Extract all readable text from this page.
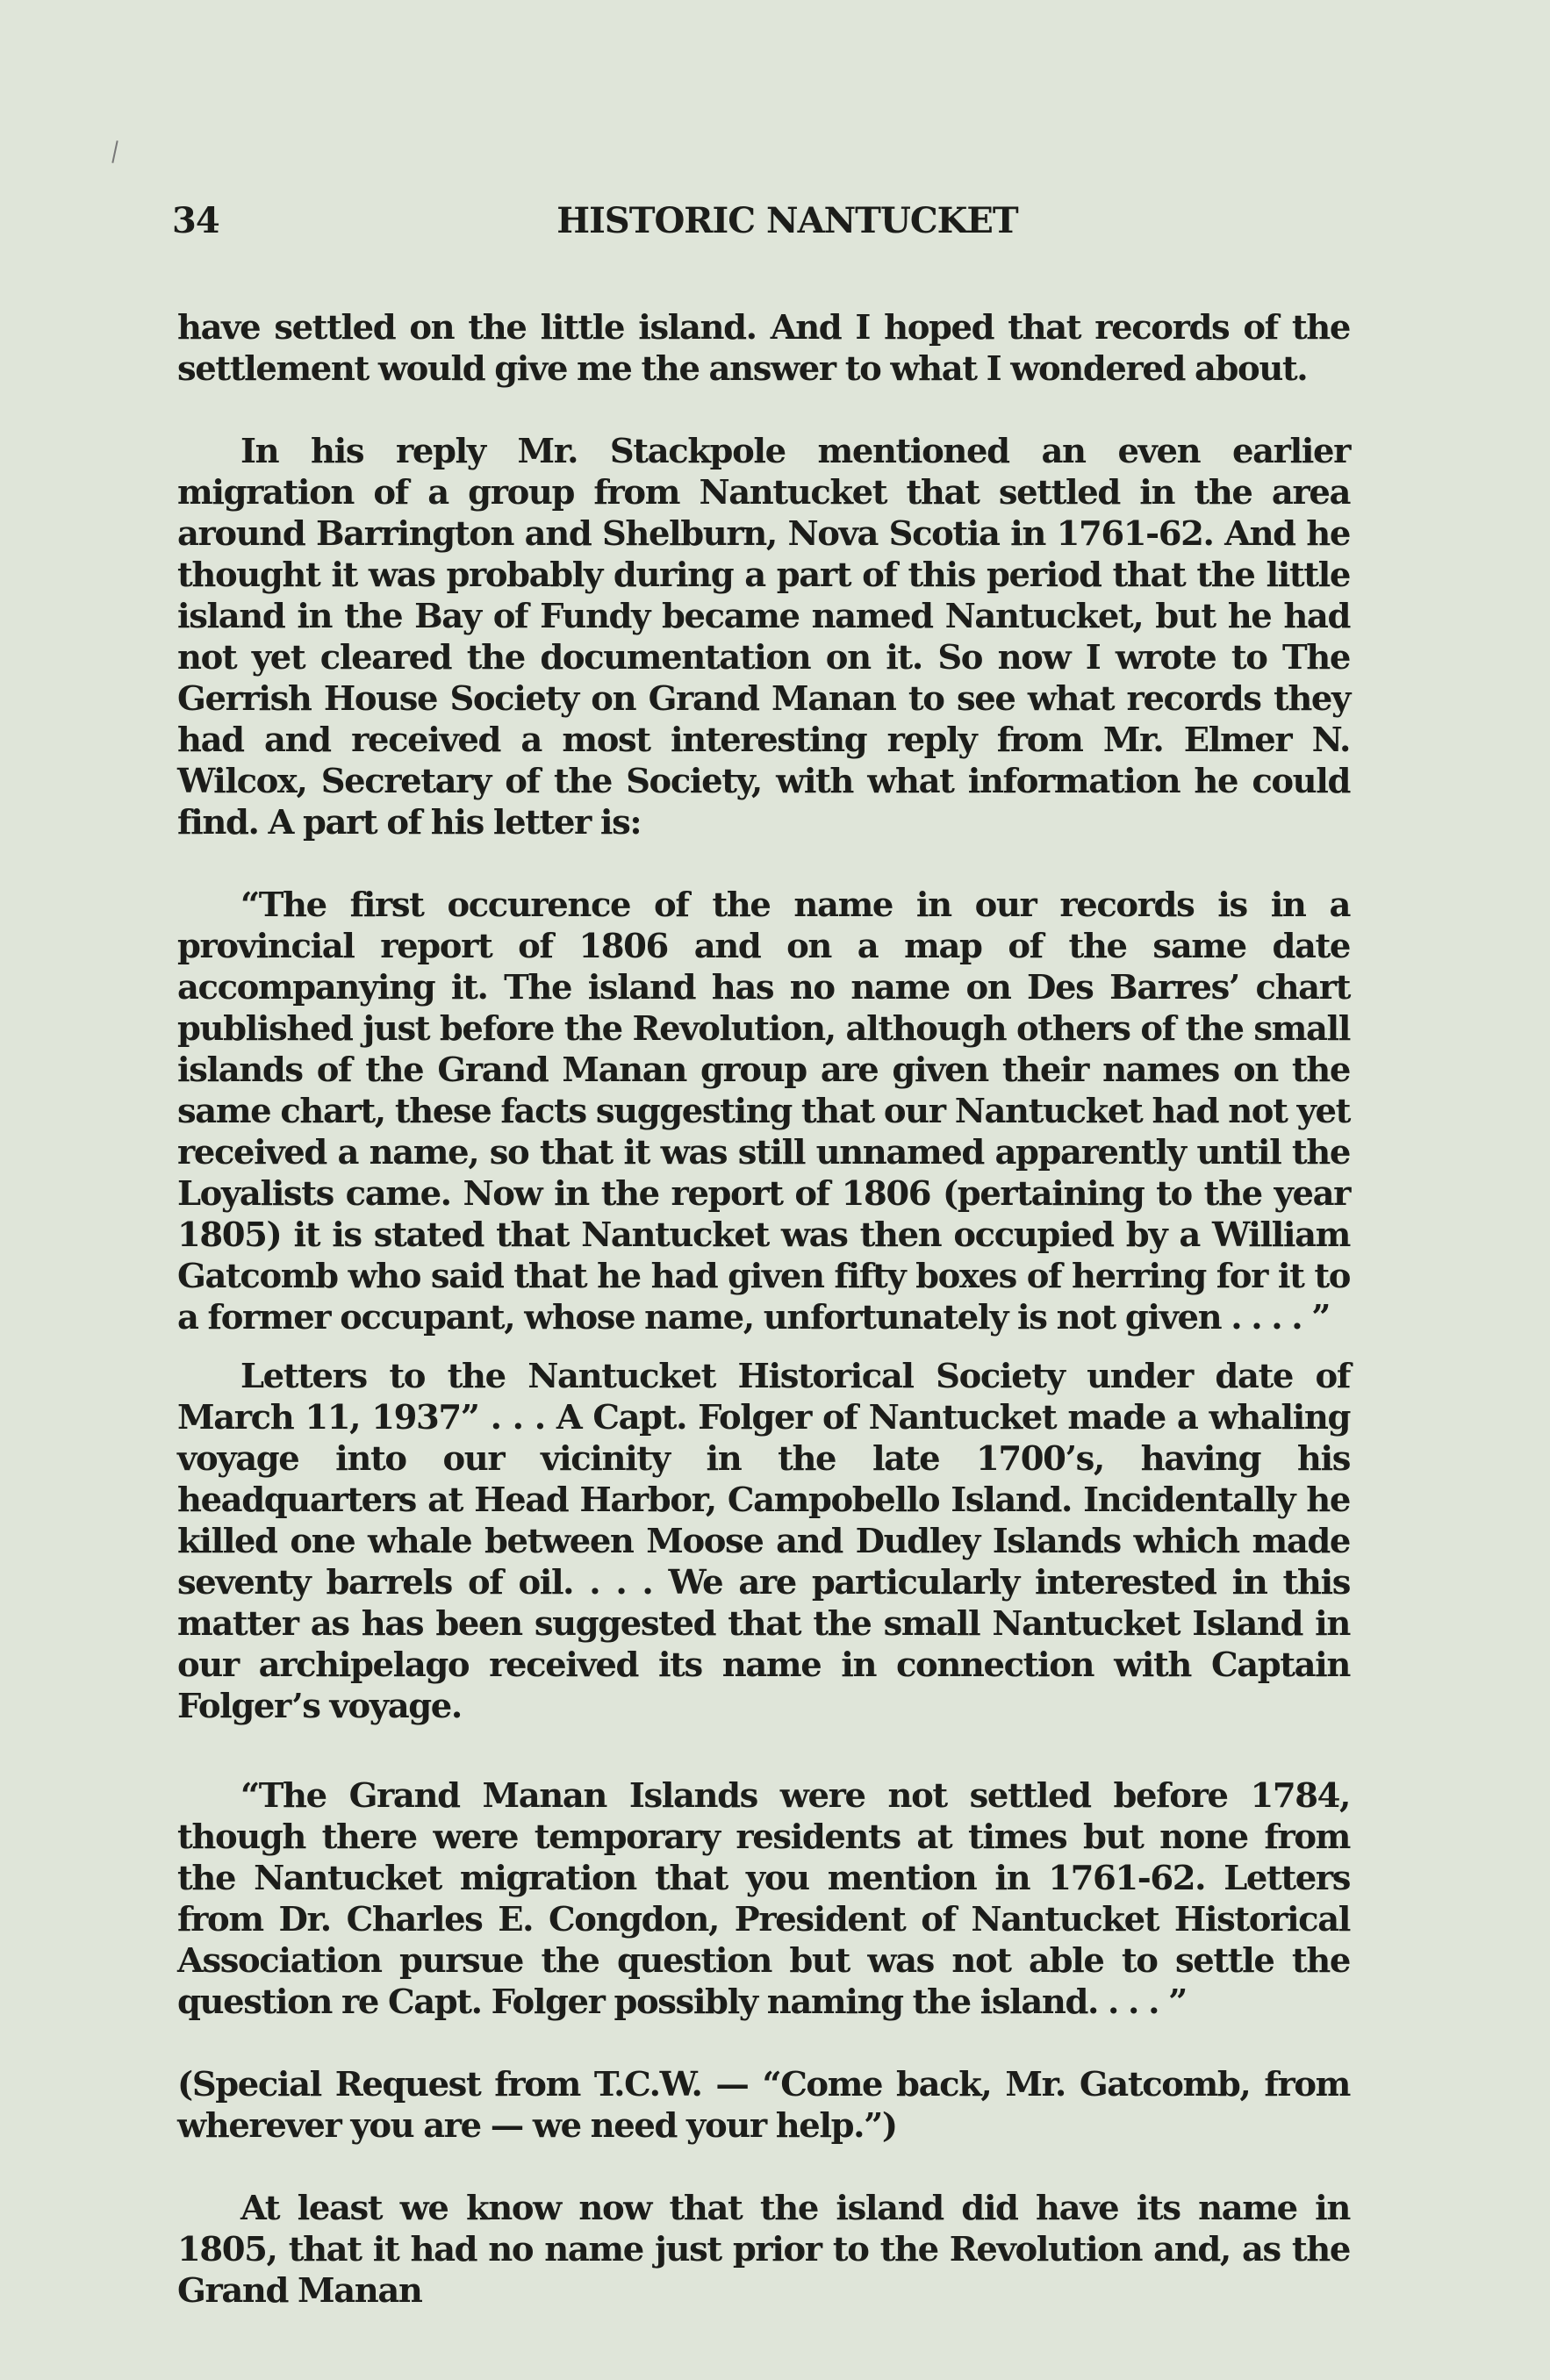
34	HISTORIC NANTUCKET

have settled on the little island. And I hoped that records of the settlement would give me the answer to what I wondered about.

In his reply Mr. Stackpole mentioned an even earlier migration of a group from Nantucket that settled in the area around Barrington and Shelburn, Nova Scotia in 1761-62. And he thought it was probably during a part of this period that the little island in the Bay of Fundy became named Nantucket, but he had not yet cleared the documentation on it. So now I wrote to The Gerrish House Society on Grand Manan to see what records they had and received a most interesting reply from Mr. Elmer N. Wilcox, Secretary of the Society, with what information he could find. A part of his letter is:

“The first occurence of the name in our records is in a provincial report of 1806 and on a map of the same date accompanying it. The island has no name on Des Barres’ chart published just before the Revolution, although others of the small islands of the Grand Manan group are given their names on the same chart, these facts suggesting that our Nantucket had not yet received a name, so that it was still unnamed apparently until the Loyalists came. Now in the report of 1806 (pertaining to the year 1805) it is stated that Nantucket was then occupied by a William Gatcomb who said that he had given fifty boxes of herring for it to a former occupant, whose name, unfortunately is not given . . . . ”

Letters to the Nantucket Historical Society under date of March 11, 1937” . . . A Capt. Folger of Nantucket made a whaling voyage into our vicinity in the late 1700’s, having his headquarters at Head Harbor, Campobello Island. Incidentally he killed one whale between Moose and Dudley Islands which made seventy barrels of oil. . . . We are particularly interested in this matter as has been suggested that the small Nantucket Island in our archipelago received its name in connection with Captain Folger’s voyage.

“The Grand Manan Islands were not settled before 1784, though there were temporary residents at times but none from the Nantucket migration that you mention in 1761-62. Letters from Dr. Charles E. Congdon, President of Nantucket Historical Association pursue the question but was not able to settle the question re Capt. Folger possibly naming the island. . . . ”

(Special Request from T.C.W. — “Come back, Mr. Gatcomb, from wherever you are — we need your help.”)

At least we know now that the island did have its name in 1805, that it had no name just prior to the Revolution and, as the Grand Manan
